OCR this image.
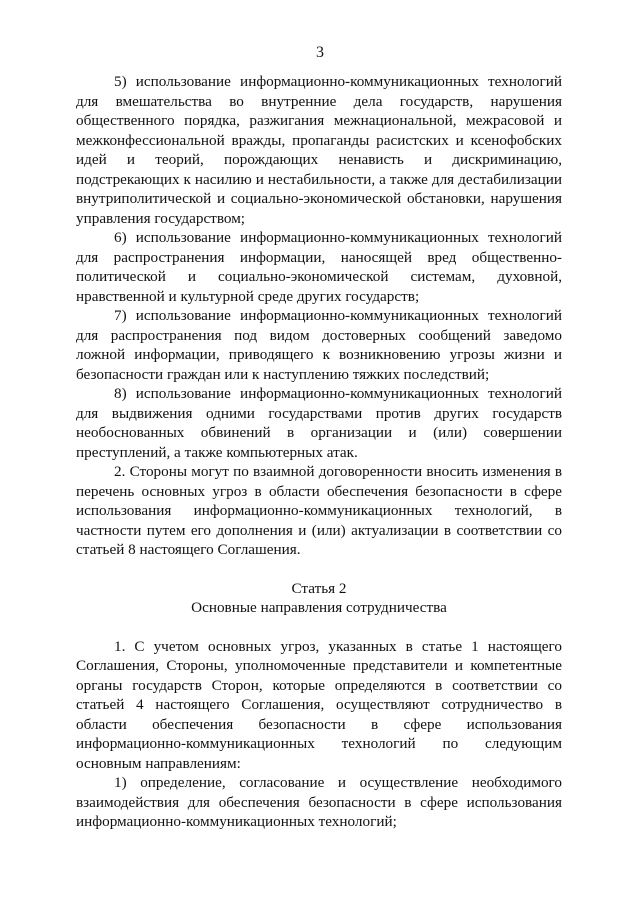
3

5) использование информационно-коммуникационных технологий для вмешательства во внутренние дела государств, нарушения общественного порядка, разжигания межнациональной, межрасовой и межконфессиональной вражды, пропаганды расистских и ксенофобских идей и теорий, порождающих ненависть и дискриминацию, подстрекающих к насилию и нестабильности, а также для дестабилизации внутриполитической и социально-экономической обстановки, нарушения управления государством;

6) использование информационно-коммуникационных технологий для распространения информации, наносящей вред общественно-политической и социально-экономической системам, духовной, нравственной и культурной среде других государств;

7) использование информационно-коммуникационных технологий для распространения под видом достоверных сообщений заведомо ложной информации, приводящего к возникновению угрозы жизни и безопасности граждан или к наступлению тяжких последствий;

8) использование информационно-коммуникационных технологий для выдвижения одними государствами против других государств необоснованных обвинений в организации и (или) совершении преступлений, а также компьютерных атак.

2. Стороны могут по взаимной договоренности вносить изменения в перечень основных угроз в области обеспечения безопасности в сфере использования информационно-коммуникационных технологий, в частности путем его дополнения и (или) актуализации в соответствии со статьей 8 настоящего Соглашения.

Статья 2

Основные направления сотрудничества

1. С учетом основных угроз, указанных в статье 1 настоящего Соглашения, Стороны, уполномоченные представители и компетентные органы государств Сторон, которые определяются в соответствии со статьей 4 настоящего Соглашения, осуществляют сотрудничество в области обеспечения безопасности в сфере использования информационно-коммуникационных технологий по следующим основным направлениям:

1) определение, согласование и осуществление необходимого взаимодействия для обеспечения безопасности в сфере использования информационно-коммуникационных технологий;
